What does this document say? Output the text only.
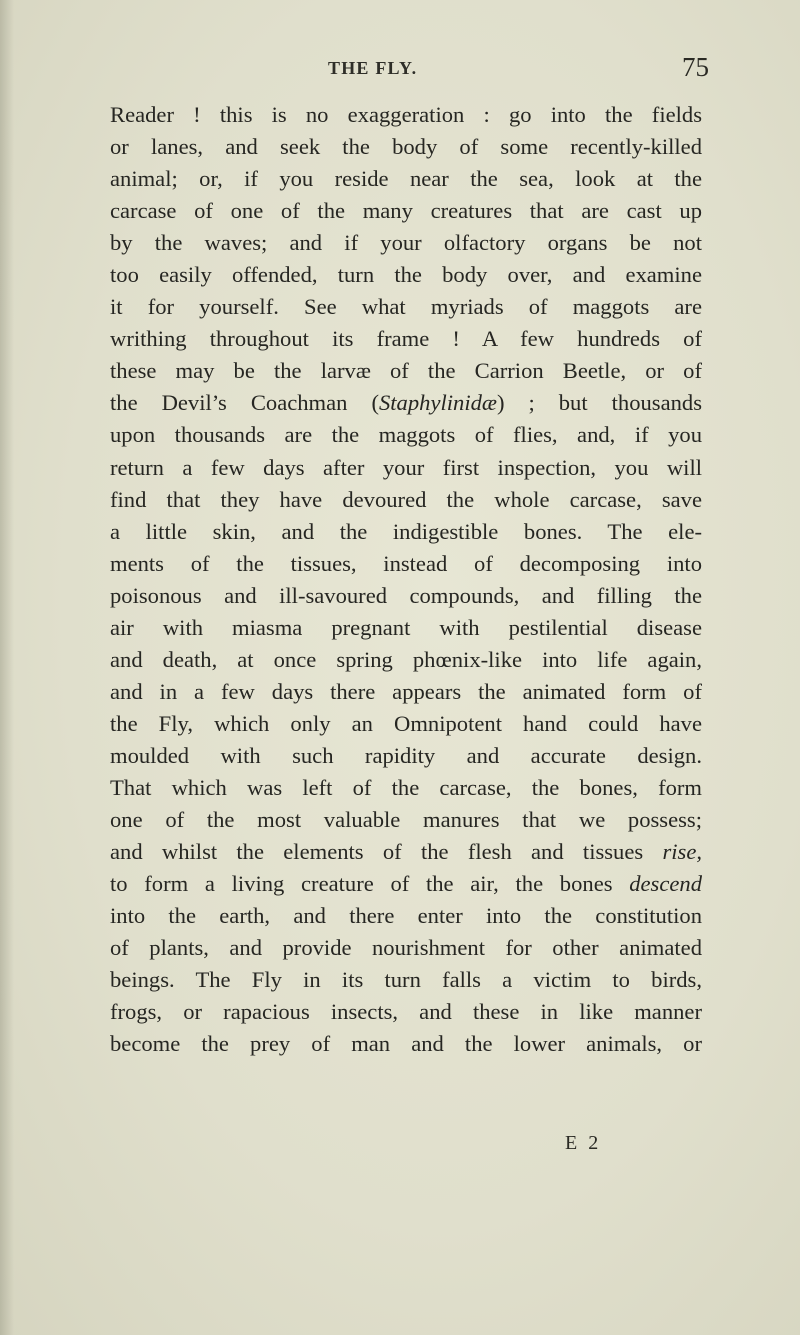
THE FLY.	75
Reader ! this is no exaggeration : go into the fields
or lanes, and seek the body of some recently-killed
animal; or, if you reside near the sea, look at the
carcase of one of the many creatures that are cast up
by the waves; and if your olfactory organs be not
too easily offended, turn the body over, and examine
it for yourself. See what myriads of maggots are
writhing throughout its frame ! A few hundreds of
these may be the larvæ of the Carrion Beetle, or of
the Devil’s Coachman (Staphylinidæ) ; but thousands
upon thousands are the maggots of flies, and, if you
return a few days after your first inspection, you will
find that they have devoured the whole carcase, save
a little skin, and the indigestible bones. The ele-
ments of the tissues, instead of decomposing into
poisonous and ill-savoured compounds, and filling the
air with miasma pregnant with pestilential disease
and death, at once spring phœnix-like into life again,
and in a few days there appears the animated form of
the Fly, which only an Omnipotent hand could have
moulded with such rapidity and accurate design.
That which was left of the carcase, the bones, form
one of the most valuable manures that we possess;
and whilst the elements of the flesh and tissues rise,
to form a living creature of the air, the bones descend
into the earth, and there enter into the constitution
of plants, and provide nourishment for other animated
beings. The Fly in its turn falls a victim to birds,
frogs, or rapacious insects, and these in like manner
become the prey of man and the lower animals, or
E 2
